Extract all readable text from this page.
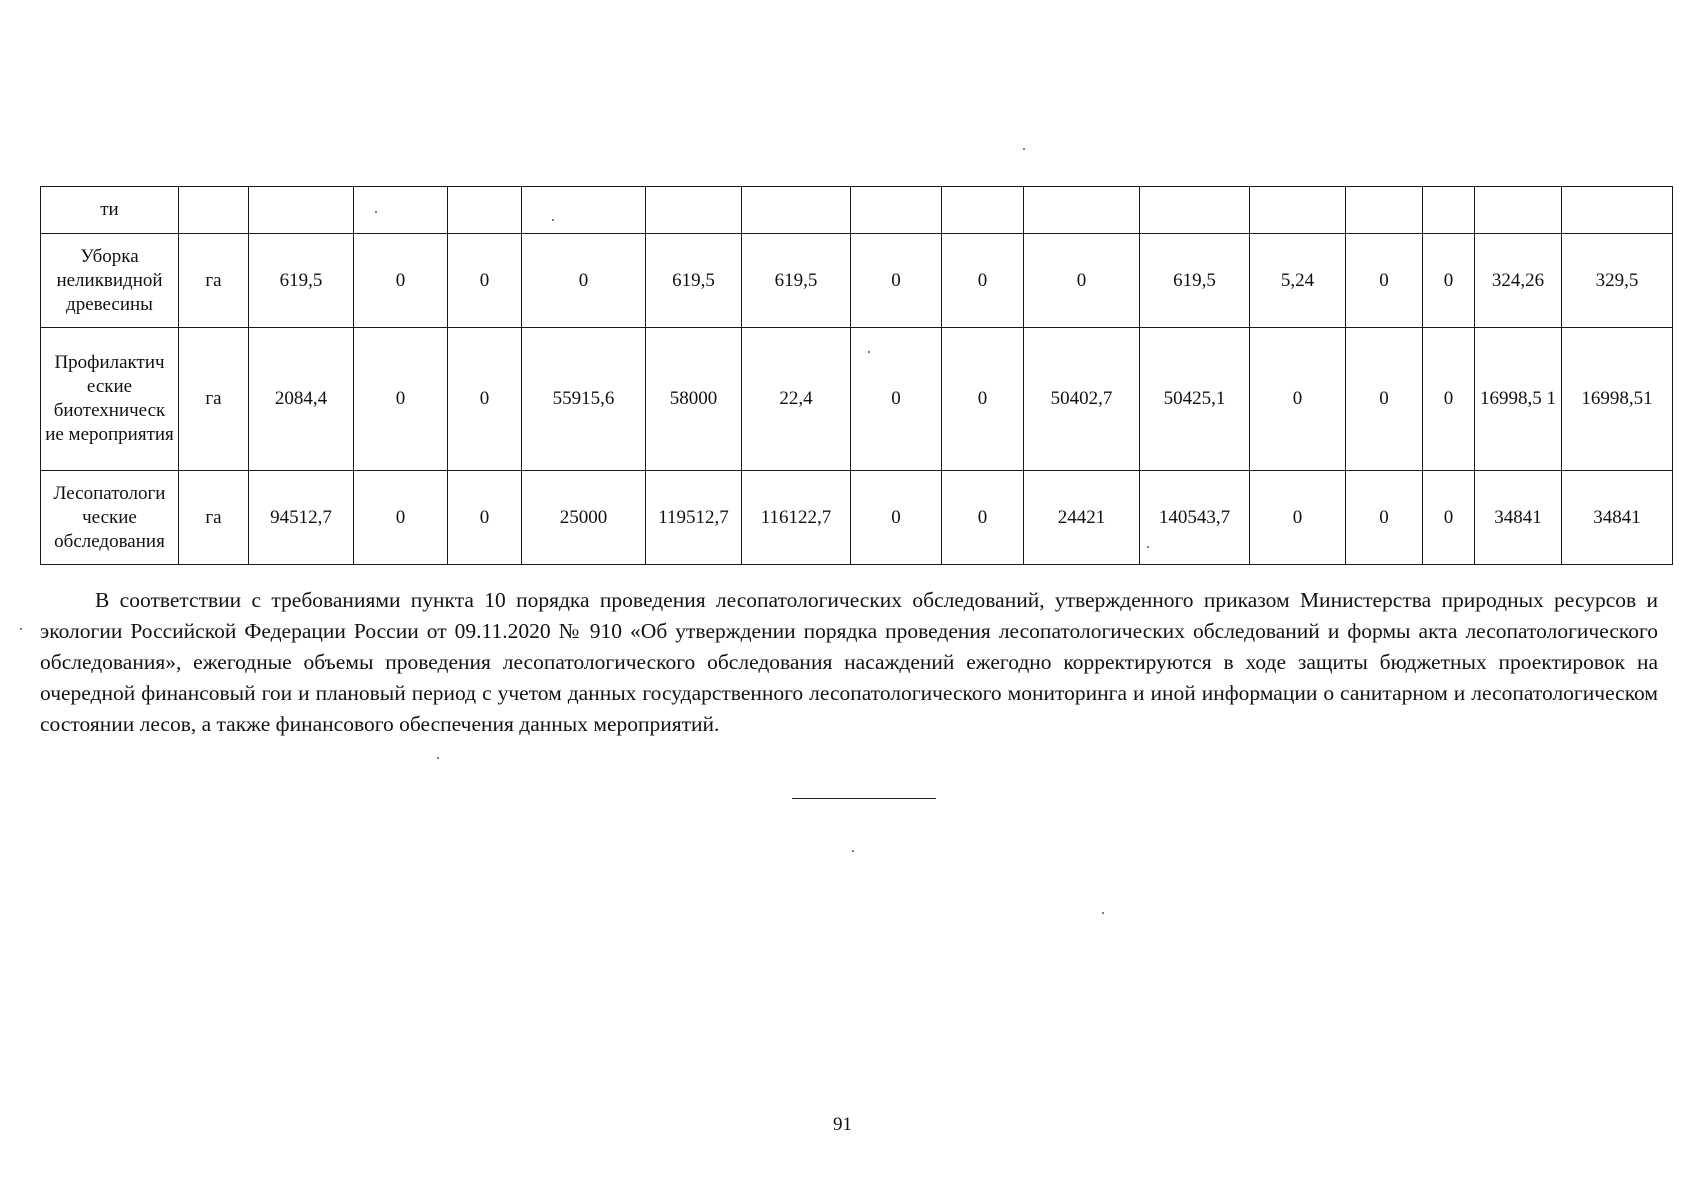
ти																
Уборка неликвидной древесины	га	619,5	0	0	0	619,5	619,5	0	0	0	619,5	5,24	0	0	324,26	329,5
Профилактич еские биотехническ ие мероприятия	га	2084,4	0	0	55915,6	58000	22,4	0	0	50402,7	50425,1	0	0	0	16998,5 1	16998,51
Лесопатологи ческие обследования	га	94512,7	0	0	25000	119512,7	116122,7	0	0	24421	140543,7	0	0	0	34841	34841

В соответствии с требованиями пункта 10 порядка проведения лесопатологических обследований, утвержденного приказом Министерства природных ресурсов и экологии Российской Федерации России от 09.11.2020 № 910 «Об утверждении порядка проведения лесопатологических обследований и формы акта лесопатологического обследования», ежегодные объемы проведения лесопатологического обследования насаждений ежегодно корректируются в ходе защиты бюджетных проектировок на очередной финансовый гои и плановый период с учетом данных государственного лесопатологического мониторинга и иной информации о санитарном и лесопатологическом состоянии лесов, а также финансового обеспечения данных мероприятий.

91
